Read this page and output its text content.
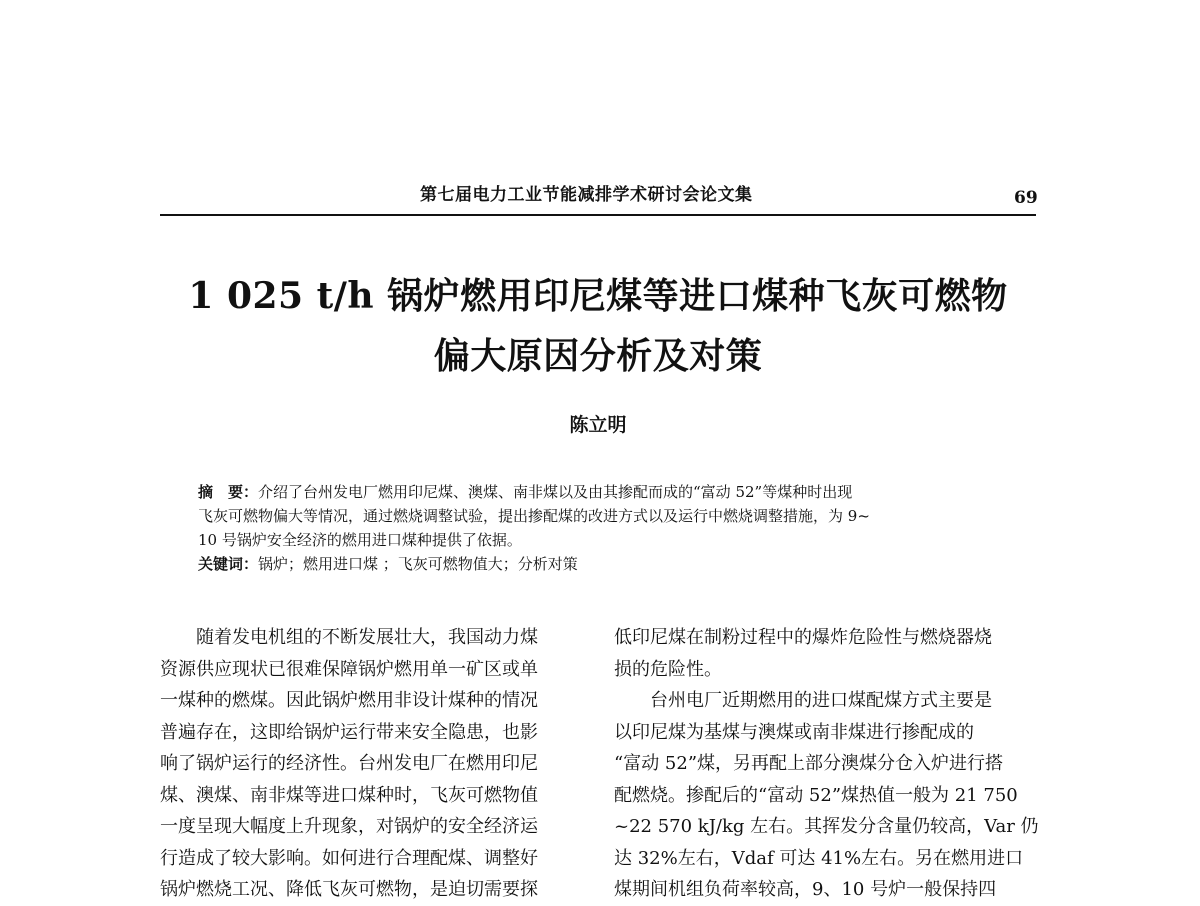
第七届电力工业节能减排学术研讨会论文集	69
1 025 t/h 锅炉燃用印尼煤等进口煤种飞灰可燃物
偏大原因分析及对策
陈立明
摘　要：介绍了台州发电厂燃用印尼煤、澳煤、南非煤以及由其掺配而成的“富动 52”等煤种时出现
飞灰可燃物偏大等情况，通过燃烧调整试验，提出掺配煤的改进方式以及运行中燃烧调整措施，为 9~
10 号锅炉安全经济的燃用进口煤种提供了依据。
关键词：锅炉；燃用进口煤 ；飞灰可燃物值大；分析对策
　　随着发电机组的不断发展壮大，我国动力煤
资源供应现状已很难保障锅炉燃用单一矿区或单
一煤种的燃煤。因此锅炉燃用非设计煤种的情况
普遍存在，这即给锅炉运行带来安全隐患，也影
响了锅炉运行的经济性。台州发电厂在燃用印尼
煤、澳煤、南非煤等进口煤种时，飞灰可燃物值
一度呈现大幅度上升现象，对锅炉的安全经济运
行造成了较大影响。如何进行合理配煤、调整好
锅炉燃烧工况、降低飞灰可燃物，是迫切需要探
低印尼煤在制粉过程中的爆炸危险性与燃烧器烧
损的危险性。
　　台州电厂近期燃用的进口煤配煤方式主要是
以印尼煤为基煤与澳煤或南非煤进行掺配成的
“富动 52”煤，另再配上部分澳煤分仓入炉进行搭
配燃烧。掺配后的“富动 52”煤热值一般为 21 750
~22 570 kJ/kg 左右。其挥发分含量仍较高，Var 仍
达 32%左右，Vdaf 可达 41%左右。另在燃用进口
煤期间机组负荷率较高，9、10 号炉一般保持四
